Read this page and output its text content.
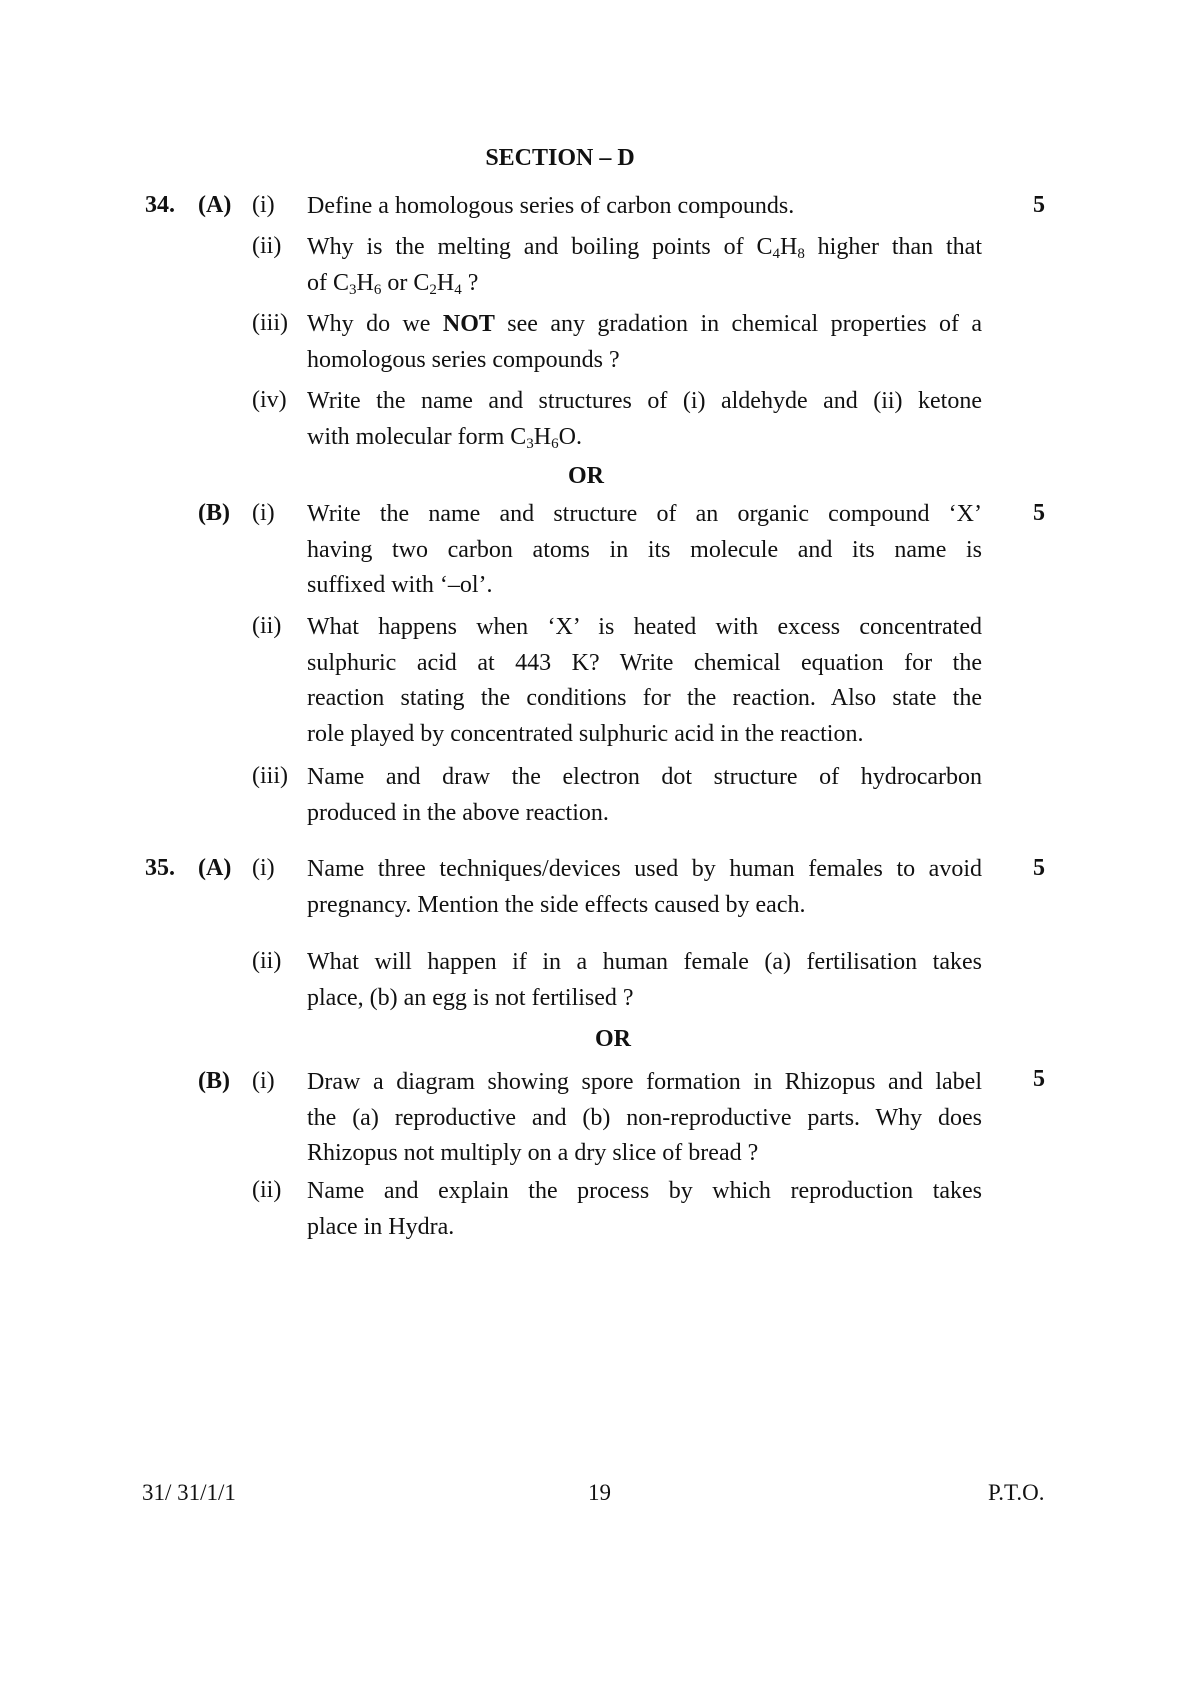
SECTION – D
34. (A)	5
(i) Define a homologous series of carbon compounds.
(ii) Why is the melting and boiling points of $C_4H_8$ higher than that
of $C_3H_6$ or $C_2H_4$ ?
(iii) Why do we NOT see any gradation in chemical properties of a
homologous series compounds ?
(iv) Write the name and structures of (i) aldehyde and (ii) ketone
with molecular form $C_3H_6O$.
OR
(B)	5
(i) Write the name and structure of an organic compound ‘X’
having two carbon atoms in its molecule and its name is
suffixed with ‘–ol’.
(ii) What happens when ‘X’ is heated with excess concentrated
sulphuric acid at 443 K? Write chemical equation for the
reaction stating the conditions for the reaction. Also state the
role played by concentrated sulphuric acid in the reaction.
(iii) Name and draw the electron dot structure of hydrocarbon
produced in the above reaction.
35. (A)	5
(i) Name three techniques/devices used by human females to avoid
pregnancy. Mention the side effects caused by each.
(ii) What will happen if in a human female (a) fertilisation takes
place, (b) an egg is not fertilised ?
OR
(B)	5
(i) Draw a diagram showing spore formation in Rhizopus and label
the (a) reproductive and (b) non-reproductive parts. Why does
Rhizopus not multiply on a dry slice of bread ?
(ii) Name and explain the process by which reproduction takes
place in Hydra.
31/ 31/1/1	19	P.T.O.
